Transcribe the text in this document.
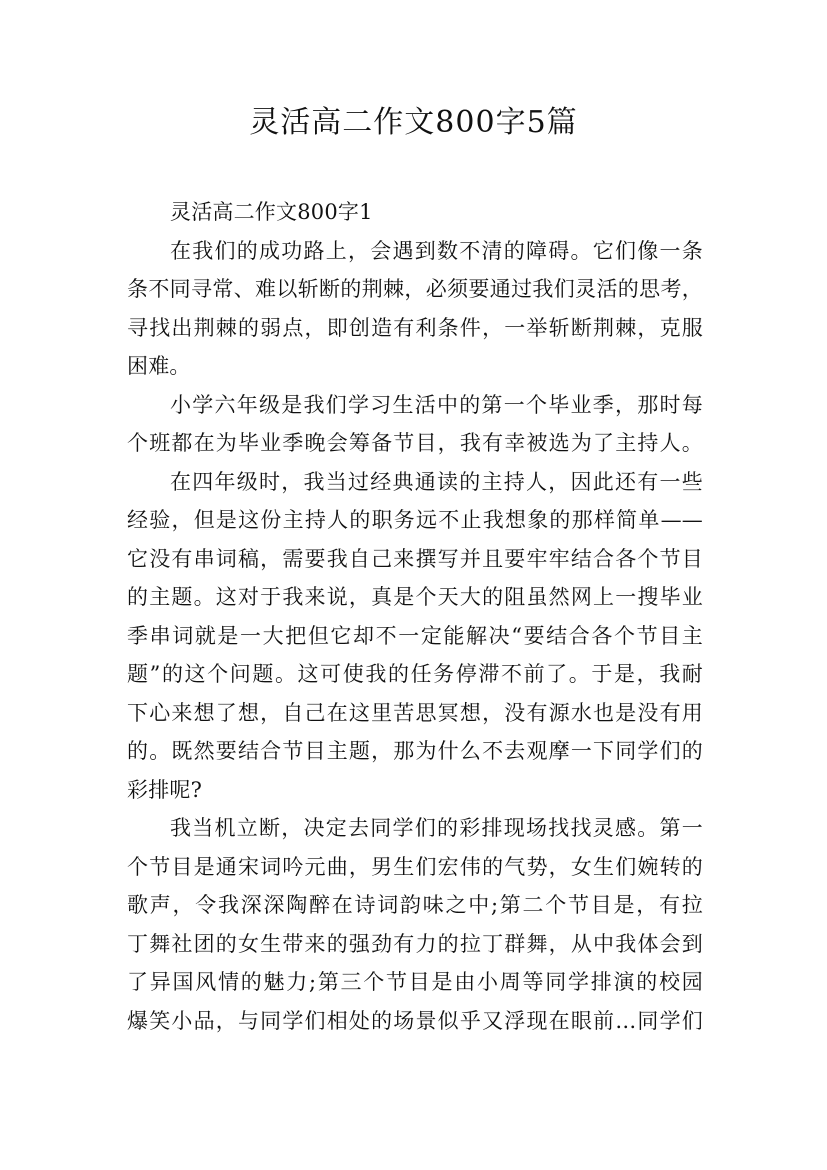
灵活高二作文800字5篇
灵活高二作文800字1
在我们的成功路上，会遇到数不清的障碍。它们像一条
条不同寻常、难以斩断的荆棘，必须要通过我们灵活的思考，
寻找出荆棘的弱点，即创造有利条件，一举斩断荆棘，克服
困难。
小学六年级是我们学习生活中的第一个毕业季，那时每
个班都在为毕业季晚会筹备节目，我有幸被选为了主持人。
在四年级时，我当过经典通读的主持人，因此还有一些
经验，但是这份主持人的职务远不止我想象的那样简单——
它没有串词稿，需要我自己来撰写并且要牢牢结合各个节目
的主题。这对于我来说，真是个天大的阻虽然网上一搜毕业
季串词就是一大把但它却不一定能解决“要结合各个节目主
题”的这个问题。这可使我的任务停滞不前了。于是，我耐
下心来想了想，自己在这里苦思冥想，没有源水也是没有用
的。既然要结合节目主题，那为什么不去观摩一下同学们的
彩排呢?
我当机立断，决定去同学们的彩排现场找找灵感。第一
个节目是通宋词吟元曲，男生们宏伟的气势，女生们婉转的
歌声，令我深深陶醉在诗词韵味之中;第二个节目是，有拉
丁舞社团的女生带来的强劲有力的拉丁群舞，从中我体会到
了异国风情的魅力;第三个节目是由小周等同学排演的校园
爆笑小品，与同学们相处的场景似乎又浮现在眼前…同学们
